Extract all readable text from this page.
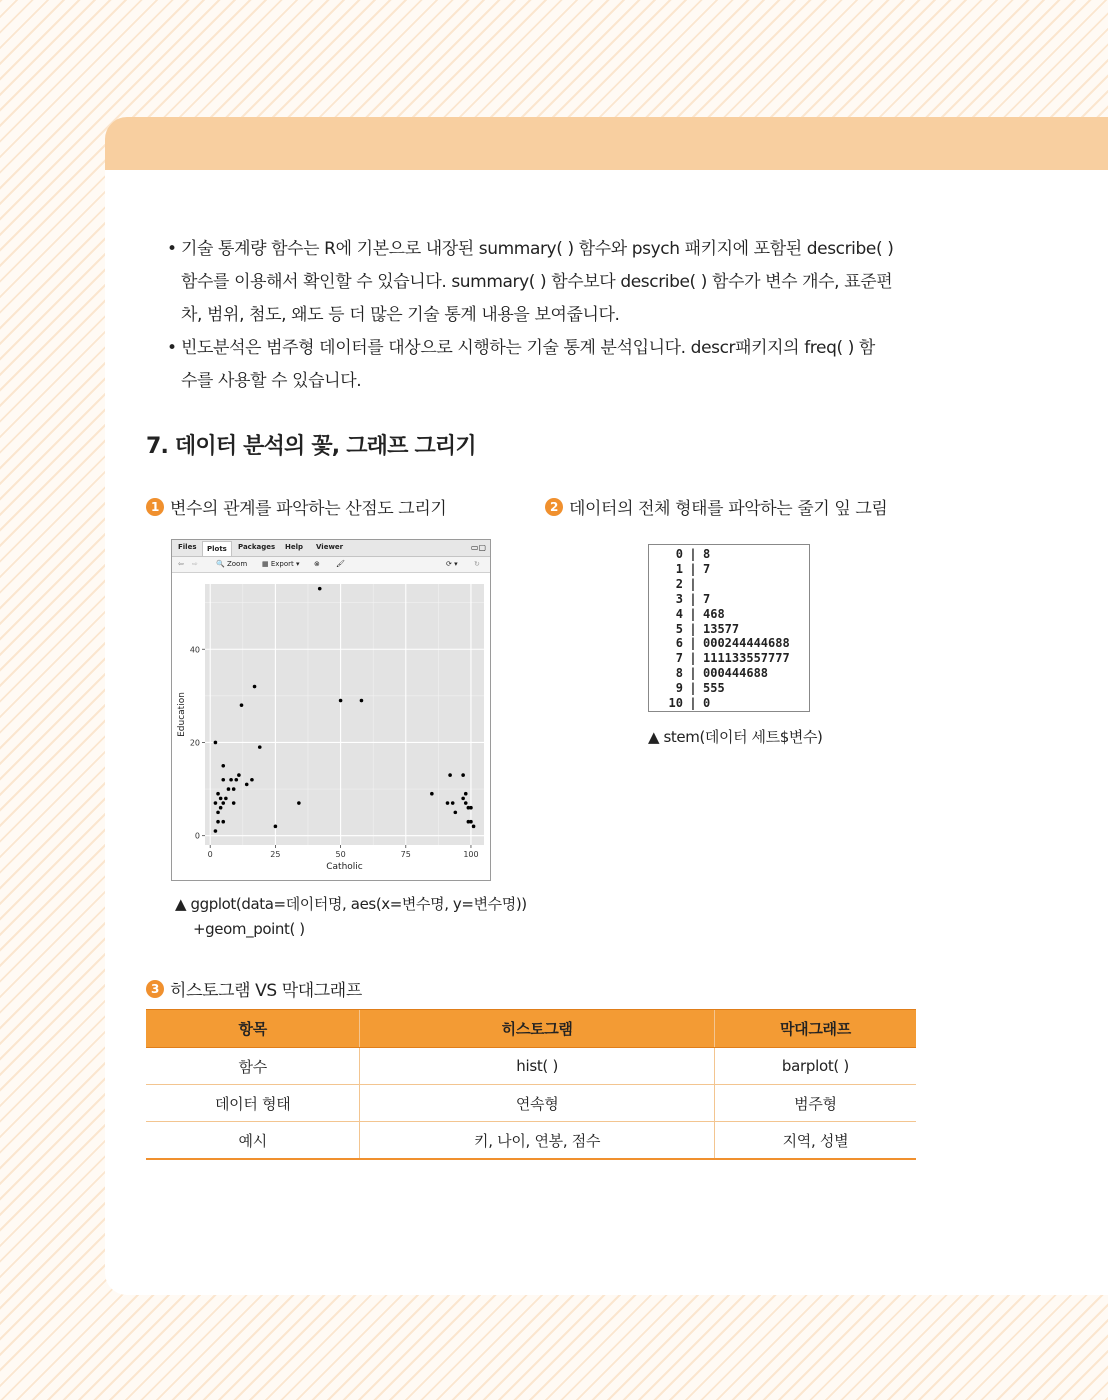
• 기술 통계량 함수는 R에 기본으로 내장된 summary( ) 함수와 psych 패키지에 포함된 describe( )
함수를 이용해서 확인할 수 있습니다. summary( ) 함수보다 describe( ) 함수가 변수 개수, 표준편
차, 범위, 첨도, 왜도 등 더 많은 기술 통계 내용을 보여줍니다.
• 빈도분석은 범주형 데이터를 대상으로 시행하는 기술 통계 분석입니다. descr패키지의 freq( ) 함
수를 사용할 수 있습니다.
7. 데이터 분석의 꽃, 그래프 그리기
1 변수의 관계를 파악하는 산점도 그리기	2 데이터의 전체 형태를 파악하는 줄기 잎 그림
Files	Plots	Packages Help Viewer	▭▢
⇦ ⇨	🔍 Zoom ▦ Export ▾ ⊗ 🖌	⟳ ▾ ↻
0	25	50	75	100
0
20
40
Catholic
Education
▲ ggplot(data=데이터명, aes(x=변수명, y=변수명))
+geom_point( )
0 | 8
1 | 7
2 |
3 | 7
4 | 468
5 | 13577
6 | 000244444688
7 | 111133557777
8 | 000444688
9 | 555
10 | 0
▲ stem(데이터 세트$변수)
3 히스토그램 VS 막대그래프
항목	히스토그램	막대그래프
함수	hist( )	barplot( )
데이터 형태	연속형	범주형
예시	키, 나이, 연봉, 점수	지역, 성별
